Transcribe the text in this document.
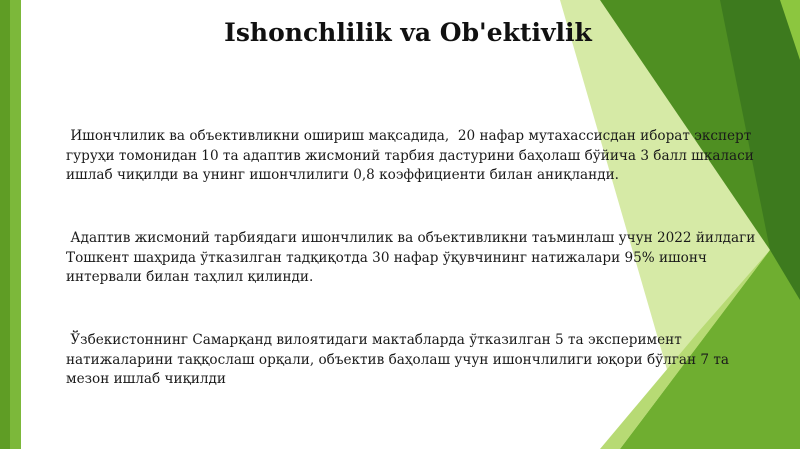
Ishonchlilik va Ob'ektivlik

Ишончлилик ва объективликни ошириш мақсадида,  20 нафар мутахассисдан иборат эксперт гуруҳи томонидан 10 та адаптив жисмоний тарбия дастурини баҳолаш бўйича 3 балл шкаласи ишлаб чиқилди ва унинг ишончлилиги 0,8 коэффициенти билан аниқланди.

Адаптив жисмоний тарбиядаги ишончлилик ва объективликни таъминлаш учун 2022 йилдаги Тошкент шаҳрида ўтказилган тадқиқотда 30 нафар ўқувчининг натижалари 95% ишонч интервали билан таҳлил қилинди.

Ўзбекистоннинг Самарқанд вилоятидаги мактабларда ўтказилган 5 та эксперимент натижаларини таққослаш орқали, объектив баҳолаш учун ишончлилиги юқори бўлган 7 та мезон ишлаб чиқилди
